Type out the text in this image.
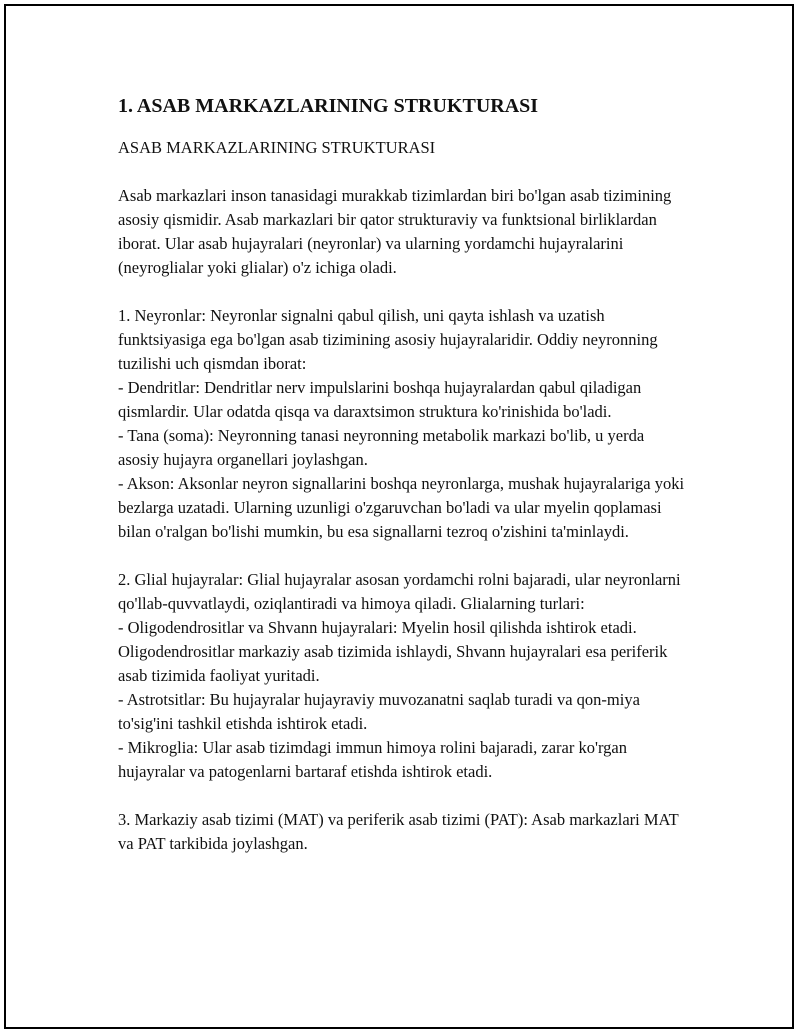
1. ASAB MARKAZLARINING STRUKTURASI
ASAB MARKAZLARINING STRUKTURASI

Asab markazlari inson tanasidagi murakkab tizimlardan biri bo'lgan asab tizimining asosiy qismidir. Asab markazlari bir qator strukturaviy va funktsional birliklardan iborat. Ular asab hujayralari (neyronlar) va ularning yordamchi hujayralarini (neyroglialar yoki glialar) o'z ichiga oladi.

1. Neyronlar: Neyronlar signalni qabul qilish, uni qayta ishlash va uzatish funktsiyasiga ega bo'lgan asab tizimining asosiy hujayralaridir. Oddiy neyronning tuzilishi uch qismdan iborat:

- Dendritlar: Dendritlar nerv impulslarini boshqa hujayralardan qabul qiladigan qismlardir. Ular odatda qisqa va daraxtsimon struktura ko'rinishida bo'ladi.

- Tana (soma): Neyronning tanasi neyronning metabolik markazi bo'lib, u yerda asosiy hujayra organellari joylashgan.

- Akson: Aksonlar neyron signallarini boshqa neyronlarga, mushak hujayralariga yoki bezlarga uzatadi. Ularning uzunligi o'zgaruvchan bo'ladi va ular myelin qoplamasi bilan o'ralgan bo'lishi mumkin, bu esa signallarni tezroq o'zishini ta'minlaydi.

2. Glial hujayralar: Glial hujayralar asosan yordamchi rolni bajaradi, ular neyronlarni qo'llab-quvvatlaydi, oziqlantiradi va himoya qiladi. Glialarning turlari:

- Oligodendrositlar va Shvann hujayralari: Myelin hosil qilishda ishtirok etadi. Oligodendrositlar markaziy asab tizimida ishlaydi, Shvann hujayralari esa periferik asab tizimida faoliyat yuritadi.

- Astrotsitlar: Bu hujayralar hujayraviy muvozanatni saqlab turadi va qon-miya to'sig'ini tashkil etishda ishtirok etadi.

- Mikroglia: Ular asab tizimdagi immun himoya rolini bajaradi, zarar ko'rgan hujayralar va patogenlarni bartaraf etishda ishtirok etadi.

3. Markaziy asab tizimi (MAT) va periferik asab tizimi (PAT): Asab markazlari MAT va PAT tarkibida joylashgan.
